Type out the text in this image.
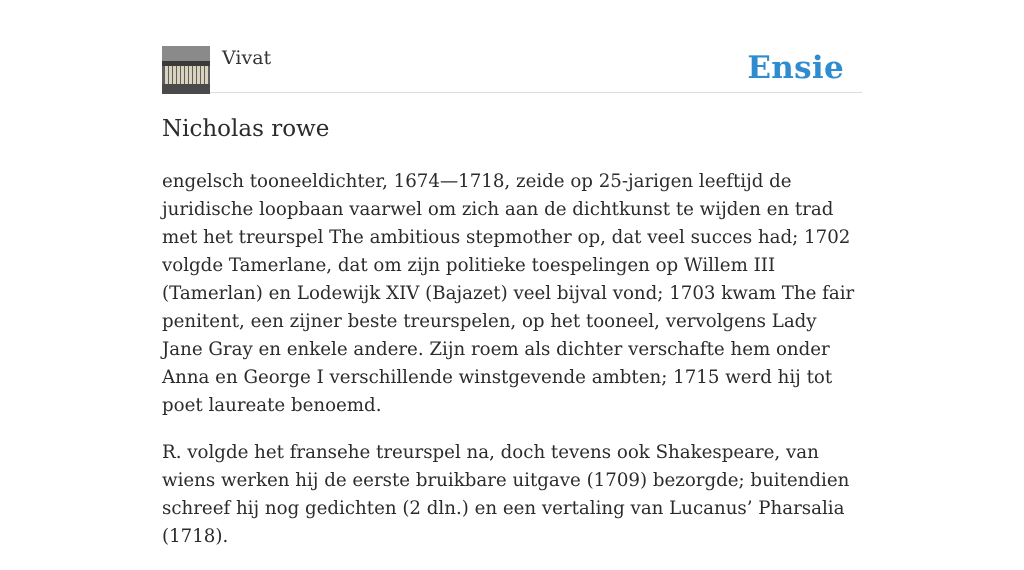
Vivat	Ensie
Nicholas rowe

engelsch tooneeldichter, 1674—1718, zeide op 25-jarigen leeftijd de juridische loopbaan vaarwel om zich aan de dichtkunst te wijden en trad met het treurspel The ambitious stepmother op, dat veel succes had; 1702 volgde Tamerlane, dat om zijn politieke toespelingen op Willem III (Tamerlan) en Lodewijk XIV (Bajazet) veel bijval vond; 1703 kwam The fair penitent, een zijner beste treurspelen, op het tooneel, vervolgens Lady Jane Gray en enkele andere. Zijn roem als dichter verschafte hem onder Anna en George I verschillende winstgevende ambten; 1715 werd hij tot poet laureate benoemd.

R. volgde het fransehe treurspel na, doch tevens ook Shakespeare, van wiens werken hij de eerste bruikbare uitgave (1709) bezorgde; buitendien schreef hij nog gedichten (2 dln.) en een vertaling van Lucanus’ Pharsalia (1718).
